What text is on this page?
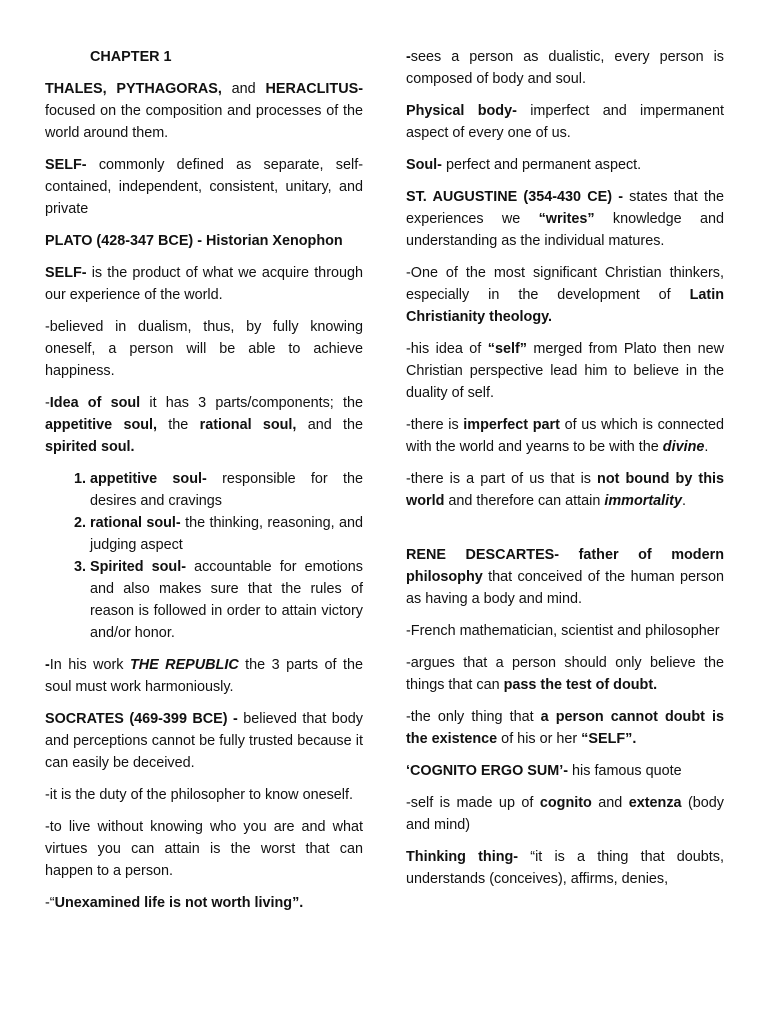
CHAPTER 1

THALES, PYTHAGORAS, and HERACLITUS- focused on the composition and processes of the world around them.

SELF- commonly defined as separate, self-contained, independent, consistent, unitary, and private

PLATO (428-347 BCE) - Historian Xenophon

SELF- is the product of what we acquire through our experience of the world.

-believed in dualism, thus, by fully knowing oneself, a person will be able to achieve happiness.

-Idea of soul it has 3 parts/components; the appetitive soul, the rational soul, and the spirited soul.

1. appetitive soul- responsible for the desires and cravings
2. rational soul- the thinking, reasoning, and judging aspect
3. Spirited soul- accountable for emotions and also makes sure that the rules of reason is followed in order to attain victory and/or honor.

-In his work THE REPUBLIC the 3 parts of the soul must work harmoniously.

SOCRATES (469-399 BCE) - believed that body and perceptions cannot be fully trusted because it can easily be deceived.

-it is the duty of the philosopher to know oneself.

-to live without knowing who you are and what virtues you can attain is the worst that can happen to a person.

-“Unexamined life is not worth living”.

-sees a person as dualistic, every person is composed of body and soul.

Physical body- imperfect and impermanent aspect of every one of us.

Soul- perfect and permanent aspect.

ST. AUGUSTINE (354-430 CE) - states that the experiences we “writes” knowledge and understanding as the individual matures.

-One of the most significant Christian thinkers, especially in the development of Latin Christianity theology.

-his idea of “self” merged from Plato then new Christian perspective lead him to believe in the duality of self.

-there is imperfect part of us which is connected with the world and yearns to be with the divine.

-there is a part of us that is not bound by this world and therefore can attain immortality.

RENE DESCARTES- father of modern philosophy that conceived of the human person as having a body and mind.

-French mathematician, scientist and philosopher

-argues that a person should only believe the things that can pass the test of doubt.

-the only thing that a person cannot doubt is the existence of his or her “SELF”.

‘COGNITO ERGO SUM’- his famous quote

-self is made up of cognito and extenza (body and mind)

Thinking thing- “it is a thing that doubts, understands (conceives), affirms, denies,
